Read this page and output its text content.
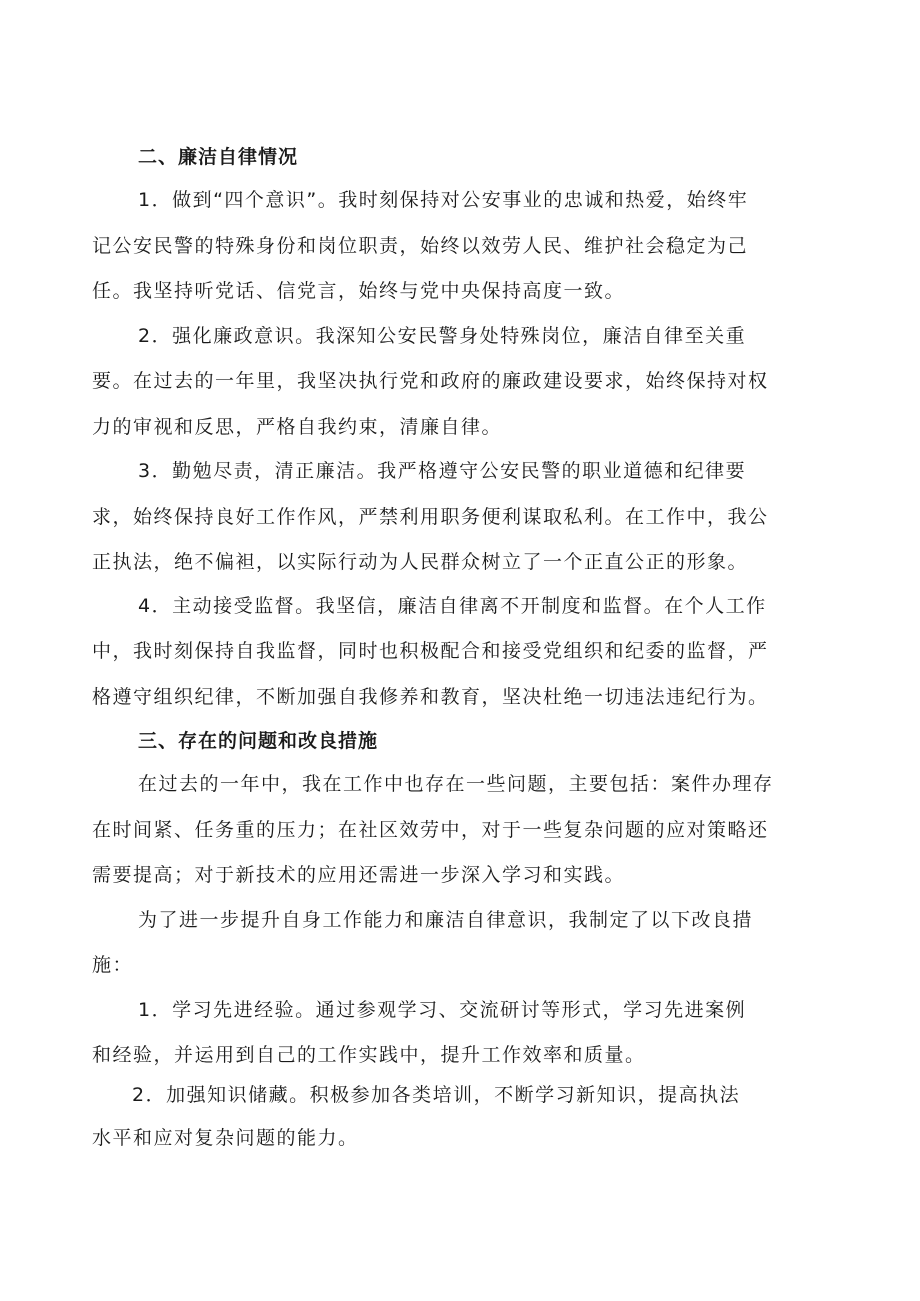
二、廉洁自律情况
1．做到“四个意识”。我时刻保持对公安事业的忠诚和热爱，始终牢
记公安民警的特殊身份和岗位职责，始终以效劳人民、维护社会稳定为己
任。我坚持听党话、信党言，始终与党中央保持高度一致。
2．强化廉政意识。我深知公安民警身处特殊岗位，廉洁自律至关重
要。在过去的一年里，我坚决执行党和政府的廉政建设要求，始终保持对权
力的审视和反思，严格自我约束，清廉自律。
3．勤勉尽责，清正廉洁。我严格遵守公安民警的职业道德和纪律要
求，始终保持良好工作作风，严禁利用职务便利谋取私利。在工作中，我公
正执法，绝不偏袒，以实际行动为人民群众树立了一个正直公正的形象。
4．主动接受监督。我坚信，廉洁自律离不开制度和监督。在个人工作
中，我时刻保持自我监督，同时也积极配合和接受党组织和纪委的监督，严
格遵守组织纪律，不断加强自我修养和教育，坚决杜绝一切违法违纪行为。
三、存在的问题和改良措施
在过去的一年中，我在工作中也存在一些问题，主要包括：案件办理存
在时间紧、任务重的压力；在社区效劳中，对于一些复杂问题的应对策略还
需要提高；对于新技术的应用还需进一步深入学习和实践。
为了进一步提升自身工作能力和廉洁自律意识，我制定了以下改良措
施：
1．学习先进经验。通过参观学习、交流研讨等形式，学习先进案例
和经验，并运用到自己的工作实践中，提升工作效率和质量。
2．加强知识储藏。积极参加各类培训，不断学习新知识，提高执法
水平和应对复杂问题的能力。
